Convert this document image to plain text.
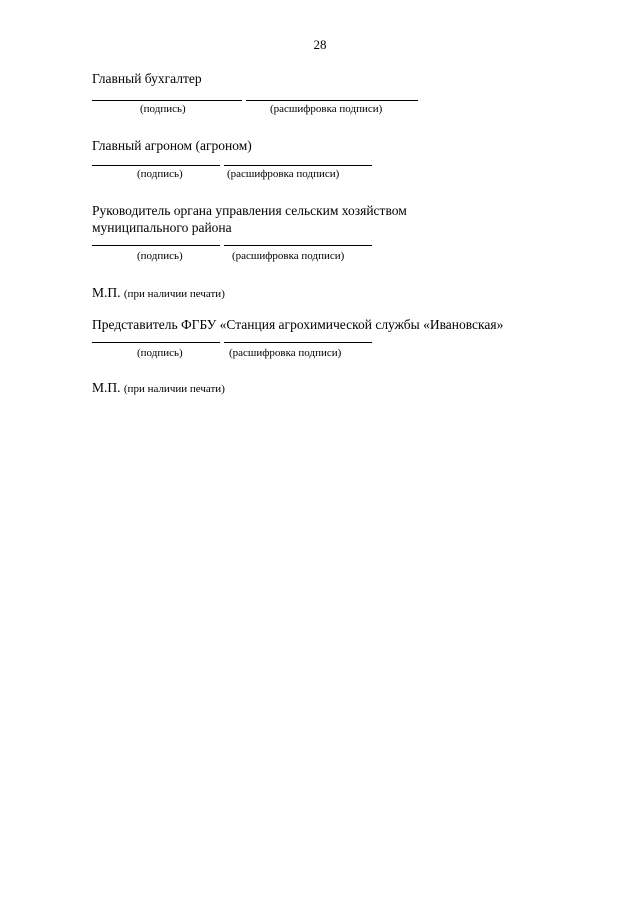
28
Главный бухгалтер
(подпись)	(расшифровка подписи)
Главный агроном (агроном)
(подпись)	(расшифровка подписи)
Руководитель органа управления сельским хозяйством
муниципального района
(подпись)	(расшифровка подписи)
М.П. (при наличии печати)
Представитель ФГБУ «Станция агрохимической службы «Ивановская»
(подпись)	(расшифровка подписи)
М.П. (при наличии печати)
